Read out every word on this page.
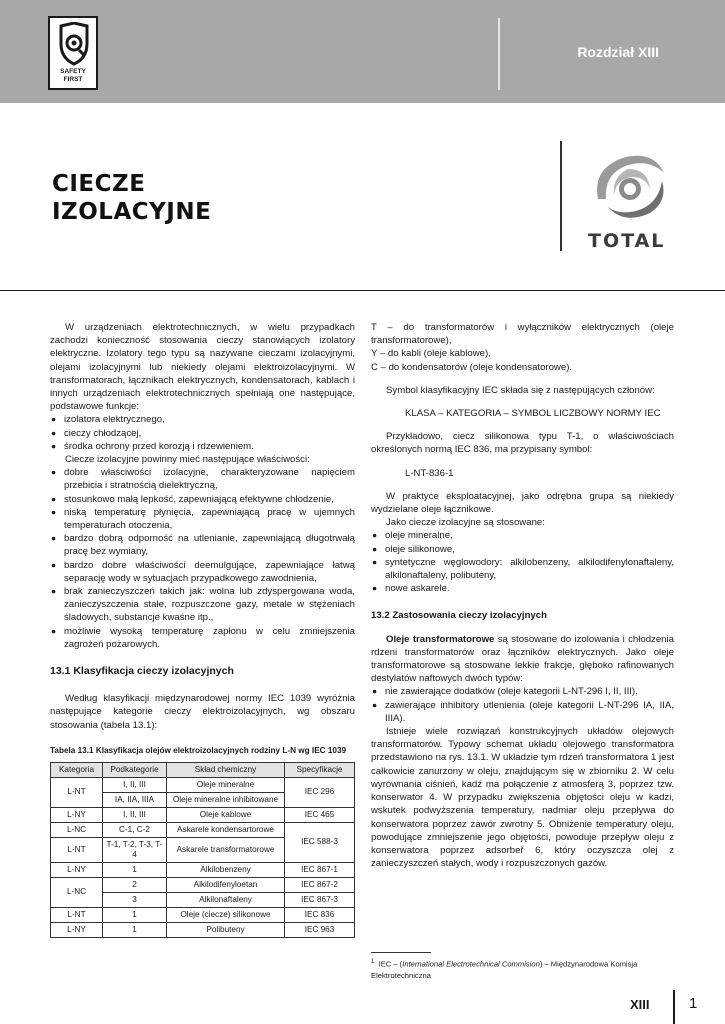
SAFETY
FIRST
Rozdział XIII
CIECZE
IZOLACYJNE
TOTAL

W urządzeniach elektrotechnicznych, w wielu przypadkach zachodzi konieczność stosowania cieczy stanowiących izolatory elektryczne. Izolatory tego typu są nazywane cieczami izolacyjnymi, olejami izolacyjnymi lub niekiedy olejami elektroizolacyjnymi. W transformatorach, łącznikach elektrycznych, kondensatorach, kablach i innych urządzeniach elektrotechnicznych spełniają one następujące, podstawowe funkcje:

● izolatora elektrycznego,
● cieczy chłodzącej,
● środka ochrony przed korozją i rdzewieniem.

Ciecze izolacyjne powinny mieć następujące właściwości:

● dobre właściwości izolacyjne, charakteryzowane napięciem przebicia i stratnością dielektryczną,
● stosunkowo małą lepkość, zapewniającą efektywne chłodzenie,
● niską temperaturę płynięcia, zapewniającą pracę w ujemnych temperaturach otoczenia,
● bardzo dobrą odporność na utlenianie, zapewniającą długotrwałą pracę bez wymiany,
● bardzo dobre właściwości deemulgujące, zapewniające łatwą separację wody w sytuacjach przypadkowego zawodnienia,
● brak zanieczyszczeń takich jak: wolna lub zdyspergowana woda, zanieczyszczenia stałe, rozpuszczone gazy, metale w stężeniach śladowych, substancje kwaśne itp.,
● możliwie wysoką temperaturę zapłonu w celu zmniejszenia zagrożeń pożarowych.
13.1 Klasyfikacja cieczy izolacyjnych

Według klasyfikacji międzynarodowej normy IEC 1039 wyróżnia następujące kategorie cieczy elektroizolacyjnych, wg obszaru stosowania (tabela 13.1):

Tabela 13.1 Klasyfikacja olejów elektroizolacyjnych rodziny L-N wg IEC 1039
Kategoria	Podkategorie	Skład chemiczny	Specyfikacje
L-NT	I, II, III	Oleje mineralne	IEC 296
	IA, IIA, IIIA	Oleje mineralne inhibitowane	
L-NY	I, II, III	Oleje kablowe	IEC 465
L-NC	C-1, C-2	Askarele kondensartorowe	IEC 588-3
L-NT	T-1, T-2, T-3, T-4	Askarele transformatorowe	
L-NY	1	Alkilobenzeny	IEC 867-1
L-NC	2	Alkilodifenyloetan	IEC 867-2
	3	Alkilonaftaleny	IEC 867-3
L-NT	1	Oleje (ciecze) silikonowe	IEC 836
L-NY	1	Polibuteny	IEC 963

T – do transformatorów i wyłączników elektrycznych (oleje transformatorowe),

Y – do kabli (oleje kablowe),

C – do kondensatorów (oleje kondensatorowe).

Symbol klasyfikacyjny IEC składa się z następujących członów:

KLASA – KATEGORIA – SYMBOL LICZBOWY NORMY IEC

Przykładowo, ciecz silikonowa typu T-1, o właściwościach określonych normą IEC 836, ma przypisany symbol:

L-NT-836-1

W praktyce eksploatacyjnej, jako odrębna grupa są niekiedy wydzielane oleje łącznikowe.

Jako ciecze izolacyjne są stosowane:

● oleje mineralne,
● oleje silikonowe,
● syntetyczne węglowodory: alkilobenzeny, alkilodifenylonaftaleny, alkilonaftaleny, polibuteny,
● nowe askarele.
13.2 Zastosowania cieczy izolacyjnych

Oleje transformatorowe są stosowane do izolowania i chłodzenia rdzeni transformatorów oraz łączników elektrycznych. Jako oleje transformatorowe są stosowane lekkie frakcje, głęboko rafinowanych destylatów naftowych dwóch typów:

● nie zawierające dodatków (oleje kategorii L-NT-296 I, II, III),
● zawierające inhibitory utlenienia (oleje kategorii L-NT-296 IA, IIA, IIIA).

Istnieje wiele rozwiązań konstrukcyjnych układów olejowych transformatorów. Typowy schemat układu olejowego transformatora przedstawiono na rys. 13.1. W układzie tym rdzeń transformatora 1 jest całkowicie zanurzony w oleju, znajdującym się w zbiorniku 2. W celu wyrównania ciśnień, kadź ma połączenie z atmosferą 3, poprzez tzw. konserwator 4. W przypadku zwiększenia objętości oleju w kadzi, wskutek podwyższenia temperatury, nadmiar oleju przepływa do konserwatora poprzez zawór zwrotny 5. Obniżenie temperatury oleju, powodujące zmniejszenie jego objętości, powoduje przepływ oleju z konserwatora poprzez adsorbeř 6, który oczyszcza olej z zanieczyszczeń stałych, wody i rozpuszczonych gazów.

$^1$ IEC – (International Electrotechnical Commision) – Międzynarodowa Komisja Elektrotechniczna
XIII	1
